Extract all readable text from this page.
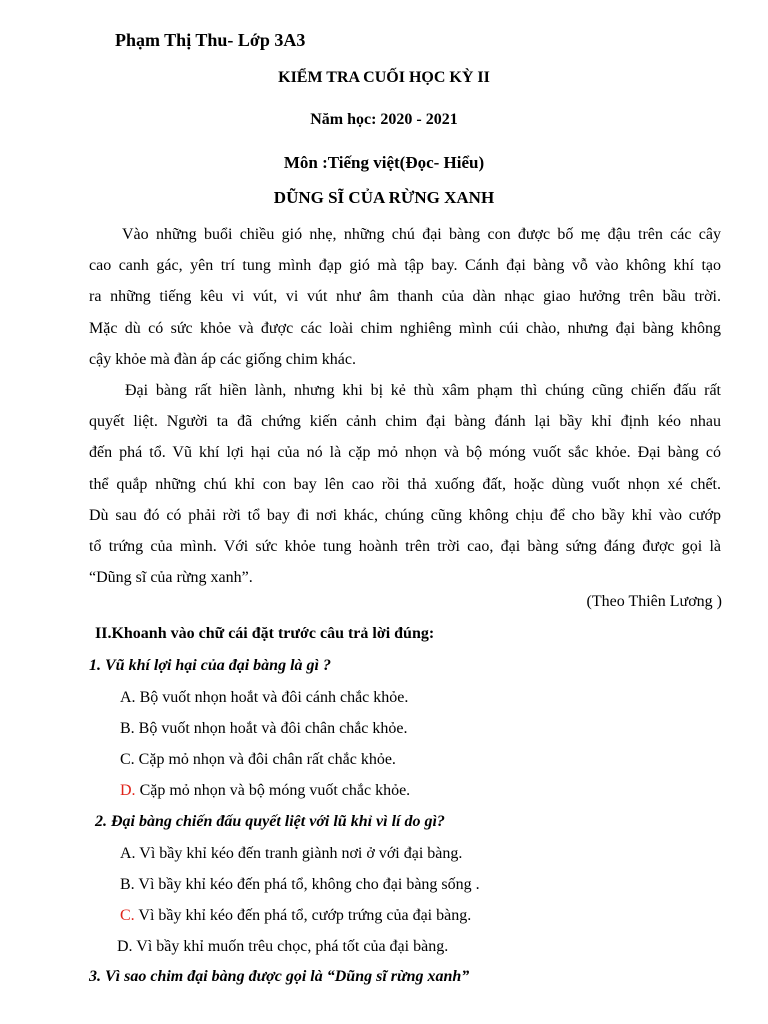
Phạm Thị Thu- Lớp 3A3
KIỂM TRA CUỐI HỌC KỲ II
Năm học: 2020 - 2021
Môn :Tiếng việt(Đọc- Hiểu)
DŨNG SĨ CỦA RỪNG XANH
Vào những buổi chiều gió nhẹ, những chú đại bàng con được bố mẹ đậu trên các cây
cao canh gác, yên trí tung mình đạp gió mà tập bay. Cánh đại bàng vỗ vào không khí tạo
ra những tiếng kêu vi vút, vi vút như âm thanh của dàn nhạc giao hưởng trên bầu trời.
Mặc dù có sức khỏe và được các loài chim nghiêng mình cúi chào, nhưng đại bàng không
cậy khỏe mà đàn áp các giống chim khác.
Đại bàng rất hiền lành, nhưng khi bị kẻ thù xâm phạm thì chúng cũng chiến đấu rất
quyết liệt. Người ta đã chứng kiến cảnh chim đại bàng đánh lại bầy khỉ định kéo nhau
đến phá tổ. Vũ khí lợi hại của nó là cặp mỏ nhọn và bộ móng vuốt sắc khỏe. Đại bàng có
thể quắp những chú khỉ con bay lên cao rồi thả xuống đất, hoặc dùng vuốt nhọn xé chết.
Dù sau đó có phải rời tổ bay đi nơi khác, chúng cũng không chịu để cho bầy khỉ vào cướp
tổ trứng của mình. Với sức khỏe tung hoành trên trời cao, đại bàng sứng đáng được gọi là
“Dũng sĩ của rừng xanh”.
(Theo Thiên Lương )
II.Khoanh vào chữ cái đặt trước câu trả lời đúng:
1. Vũ khí lợi hại của đại bàng là gì ?
A. Bộ vuốt nhọn hoắt và đôi cánh chắc khỏe.
B. Bộ vuốt nhọn hoắt và đôi chân chắc khỏe.
C. Cặp mỏ nhọn và đôi chân rất chắc khỏe.
D. Cặp mỏ nhọn và bộ móng vuốt chắc khỏe.
2. Đại bàng chiến đấu quyết liệt với lũ khỉ vì lí do gì?
A. Vì bầy khỉ kéo đến tranh giành nơi ở với đại bàng.
B. Vì bầy khỉ kéo đến phá tổ, không cho đại bàng sống .
C. Vì bầy khỉ kéo đến phá tổ, cướp trứng của đại bàng.
D. Vì bầy khỉ muốn trêu chọc, phá tốt của đại bàng.
3. Vì sao chim đại bàng được gọi là “Dũng sĩ rừng xanh”
